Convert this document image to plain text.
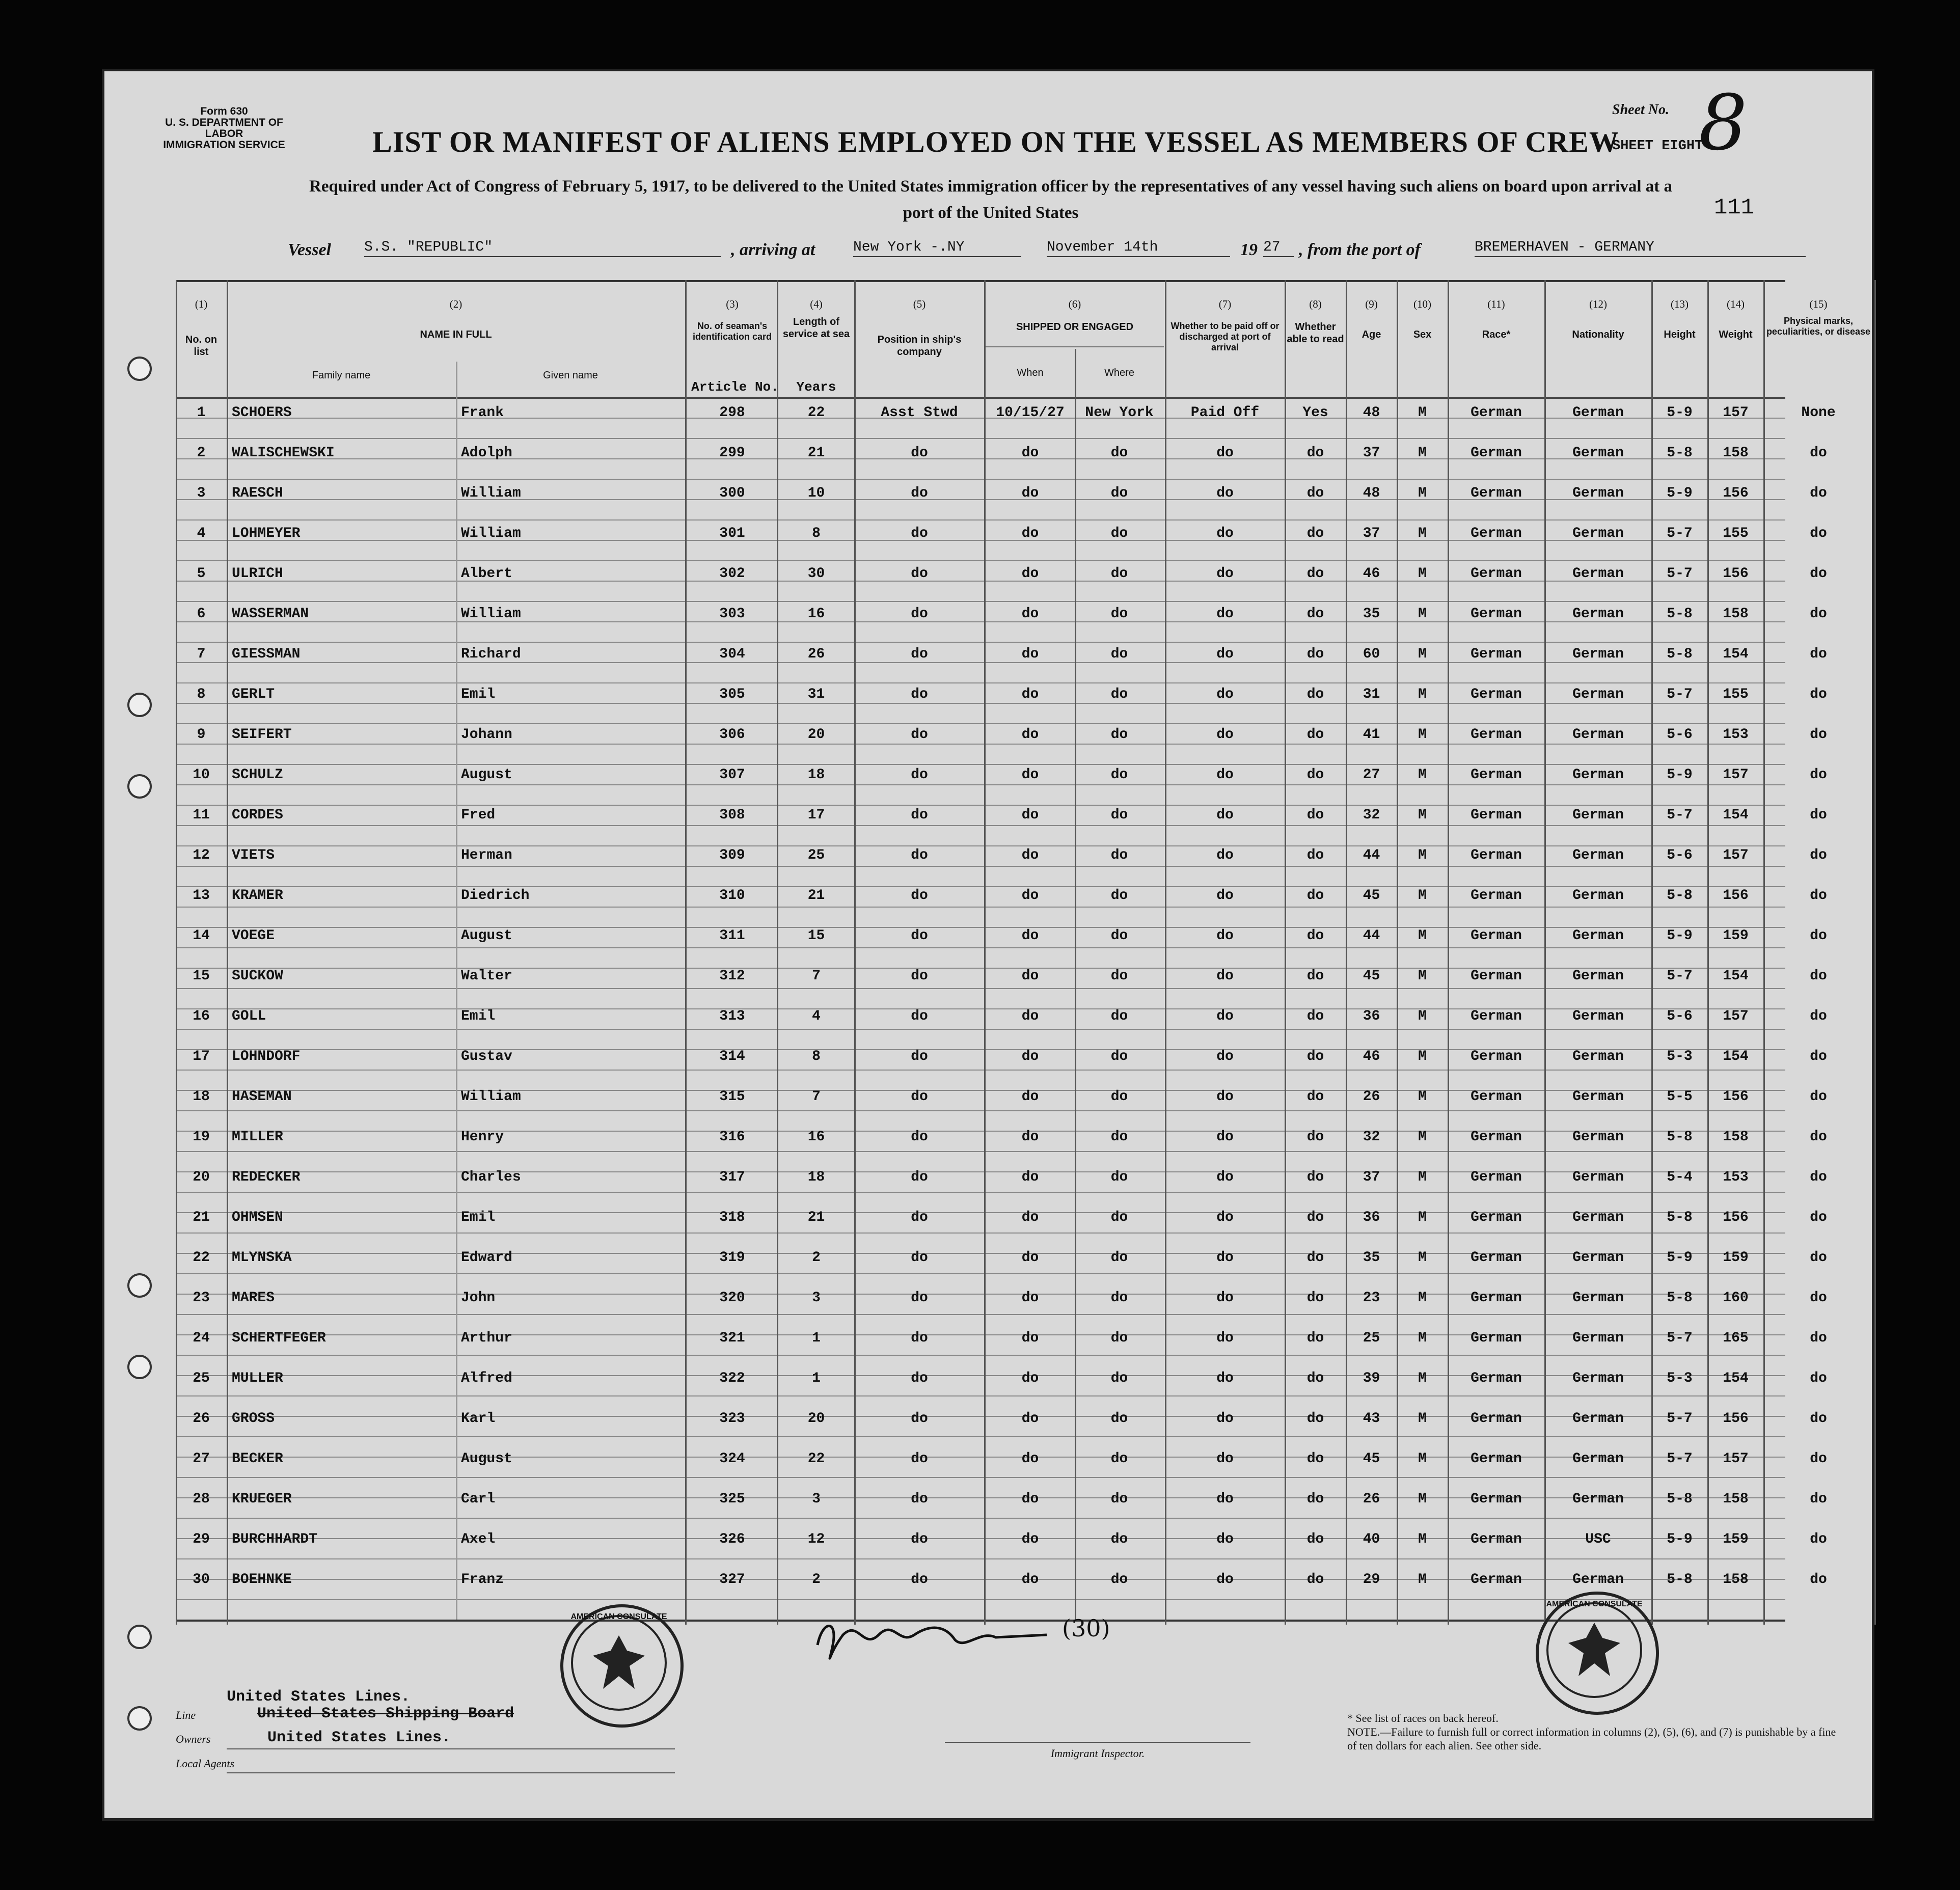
Form 630
U. S. DEPARTMENT OF LABOR
IMMIGRATION SERVICE	LIST OR MANIFEST OF ALIENS EMPLOYED ON THE VESSEL AS MEMBERS OF CREW
Sheet No. 8
SHEET EIGHT
Required under Act of Congress of February 5, 1917, to be delivered to the United States immigration officer by the representatives of any vessel having such aliens on board upon arrival at a
port of the United States	111
Vessel S.S. "REPUBLIC"	, arriving at	New York -.NY	November 14th	19 27	, from the port of	BREMERHAVEN - GERMANY
(1)
No. on list
(2)
NAME IN FULL
Family name	Given name
(3)
No. of seaman's identification card
Article No.
(4)
Length of service at sea
Years
(5)
Position in ship's company
(6)
SHIPPED OR ENGAGED
When	Where
(7)
Whether to be paid off or discharged at port of arrival
(8)
Whether able to read
(9)
Age
(10)
Sex
(11)
Race*
(12)
Nationality
(13)
Height
(14)
Weight
(15)
Physical marks, peculiarities, or disease
1	SCHOERS	Frank	298	22	Asst Stwd	10/15/27	New York	Paid Off	Yes	48	M	German	German	5-9	157	None
2	WALISCHEWSKI	Adolph	299	21	do	do	do	do	do	37	M	German	German	5-8	158	do
3	RAESCH	William	300	10	do	do	do	do	do	48	M	German	German	5-9	156	do
4	LOHMEYER	William	301	8	do	do	do	do	do	37	M	German	German	5-7	155	do
5	ULRICH	Albert	302	30	do	do	do	do	do	46	M	German	German	5-7	156	do
6	WASSERMAN	William	303	16	do	do	do	do	do	35	M	German	German	5-8	158	do
7	GIESSMAN	Richard	304	26	do	do	do	do	do	60	M	German	German	5-8	154	do
8	GERLT	Emil	305	31	do	do	do	do	do	31	M	German	German	5-7	155	do
9	SEIFERT	Johann	306	20	do	do	do	do	do	41	M	German	German	5-6	153	do
10	SCHULZ	August	307	18	do	do	do	do	do	27	M	German	German	5-9	157	do
11	CORDES	Fred	308	17	do	do	do	do	do	32	M	German	German	5-7	154	do
12	VIETS	Herman	309	25	do	do	do	do	do	44	M	German	German	5-6	157	do
13	KRAMER	Diedrich	310	21	do	do	do	do	do	45	M	German	German	5-8	156	do
14	VOEGE	August	311	15	do	do	do	do	do	44	M	German	German	5-9	159	do
15	SUCKOW	Walter	312	7	do	do	do	do	do	45	M	German	German	5-7	154	do
16	GOLL	Emil	313	4	do	do	do	do	do	36	M	German	German	5-6	157	do
17	LOHNDORF	Gustav	314	8	do	do	do	do	do	46	M	German	German	5-3	154	do
18	HASEMAN	William	315	7	do	do	do	do	do	26	M	German	German	5-5	156	do
19	MILLER	Henry	316	16	do	do	do	do	do	32	M	German	German	5-8	158	do
20	REDECKER	Charles	317	18	do	do	do	do	do	37	M	German	German	5-4	153	do
21	OHMSEN	Emil	318	21	do	do	do	do	do	36	M	German	German	5-8	156	do
22	MLYNSKA	Edward	319	2	do	do	do	do	do	35	M	German	German	5-9	159	do
23	MARES	John	320	3	do	do	do	do	do	23	M	German	German	5-8	160	do
24	SCHERTFEGER	Arthur	321	1	do	do	do	do	do	25	M	German	German	5-7	165	do
25	MULLER	Alfred	322	1	do	do	do	do	do	39	M	German	German	5-3	154	do
26	GROSS	Karl	323	20	do	do	do	do	do	43	M	German	German	5-7	156	do
27	BECKER	August	324	22	do	do	do	do	do	45	M	German	German	5-7	157	do
28	KRUEGER	Carl	325	3	do	do	do	do	do	26	M	German	German	5-8	158	do
29	BURCHHARDT	Axel	326	12	do	do	do	do	do	40	M	German	USC	5-9	159	do
30	BOEHNKE	Franz	327	2	do	do	do	do	do	29	M	German	German	5-8	158	do
United States Lines.
Line	United States Shipping Board
Owners	United States Lines.
Local Agents
Immigrant Inspector.
(30)
* See list of races on back hereof.
NOTE.—Failure to furnish full or correct information in columns (2), (5), (6), and (7) is punishable by a fine of ten dollars for each alien. See other side.
AMERICAN CONSULATE
AMERICAN CONSULATE
